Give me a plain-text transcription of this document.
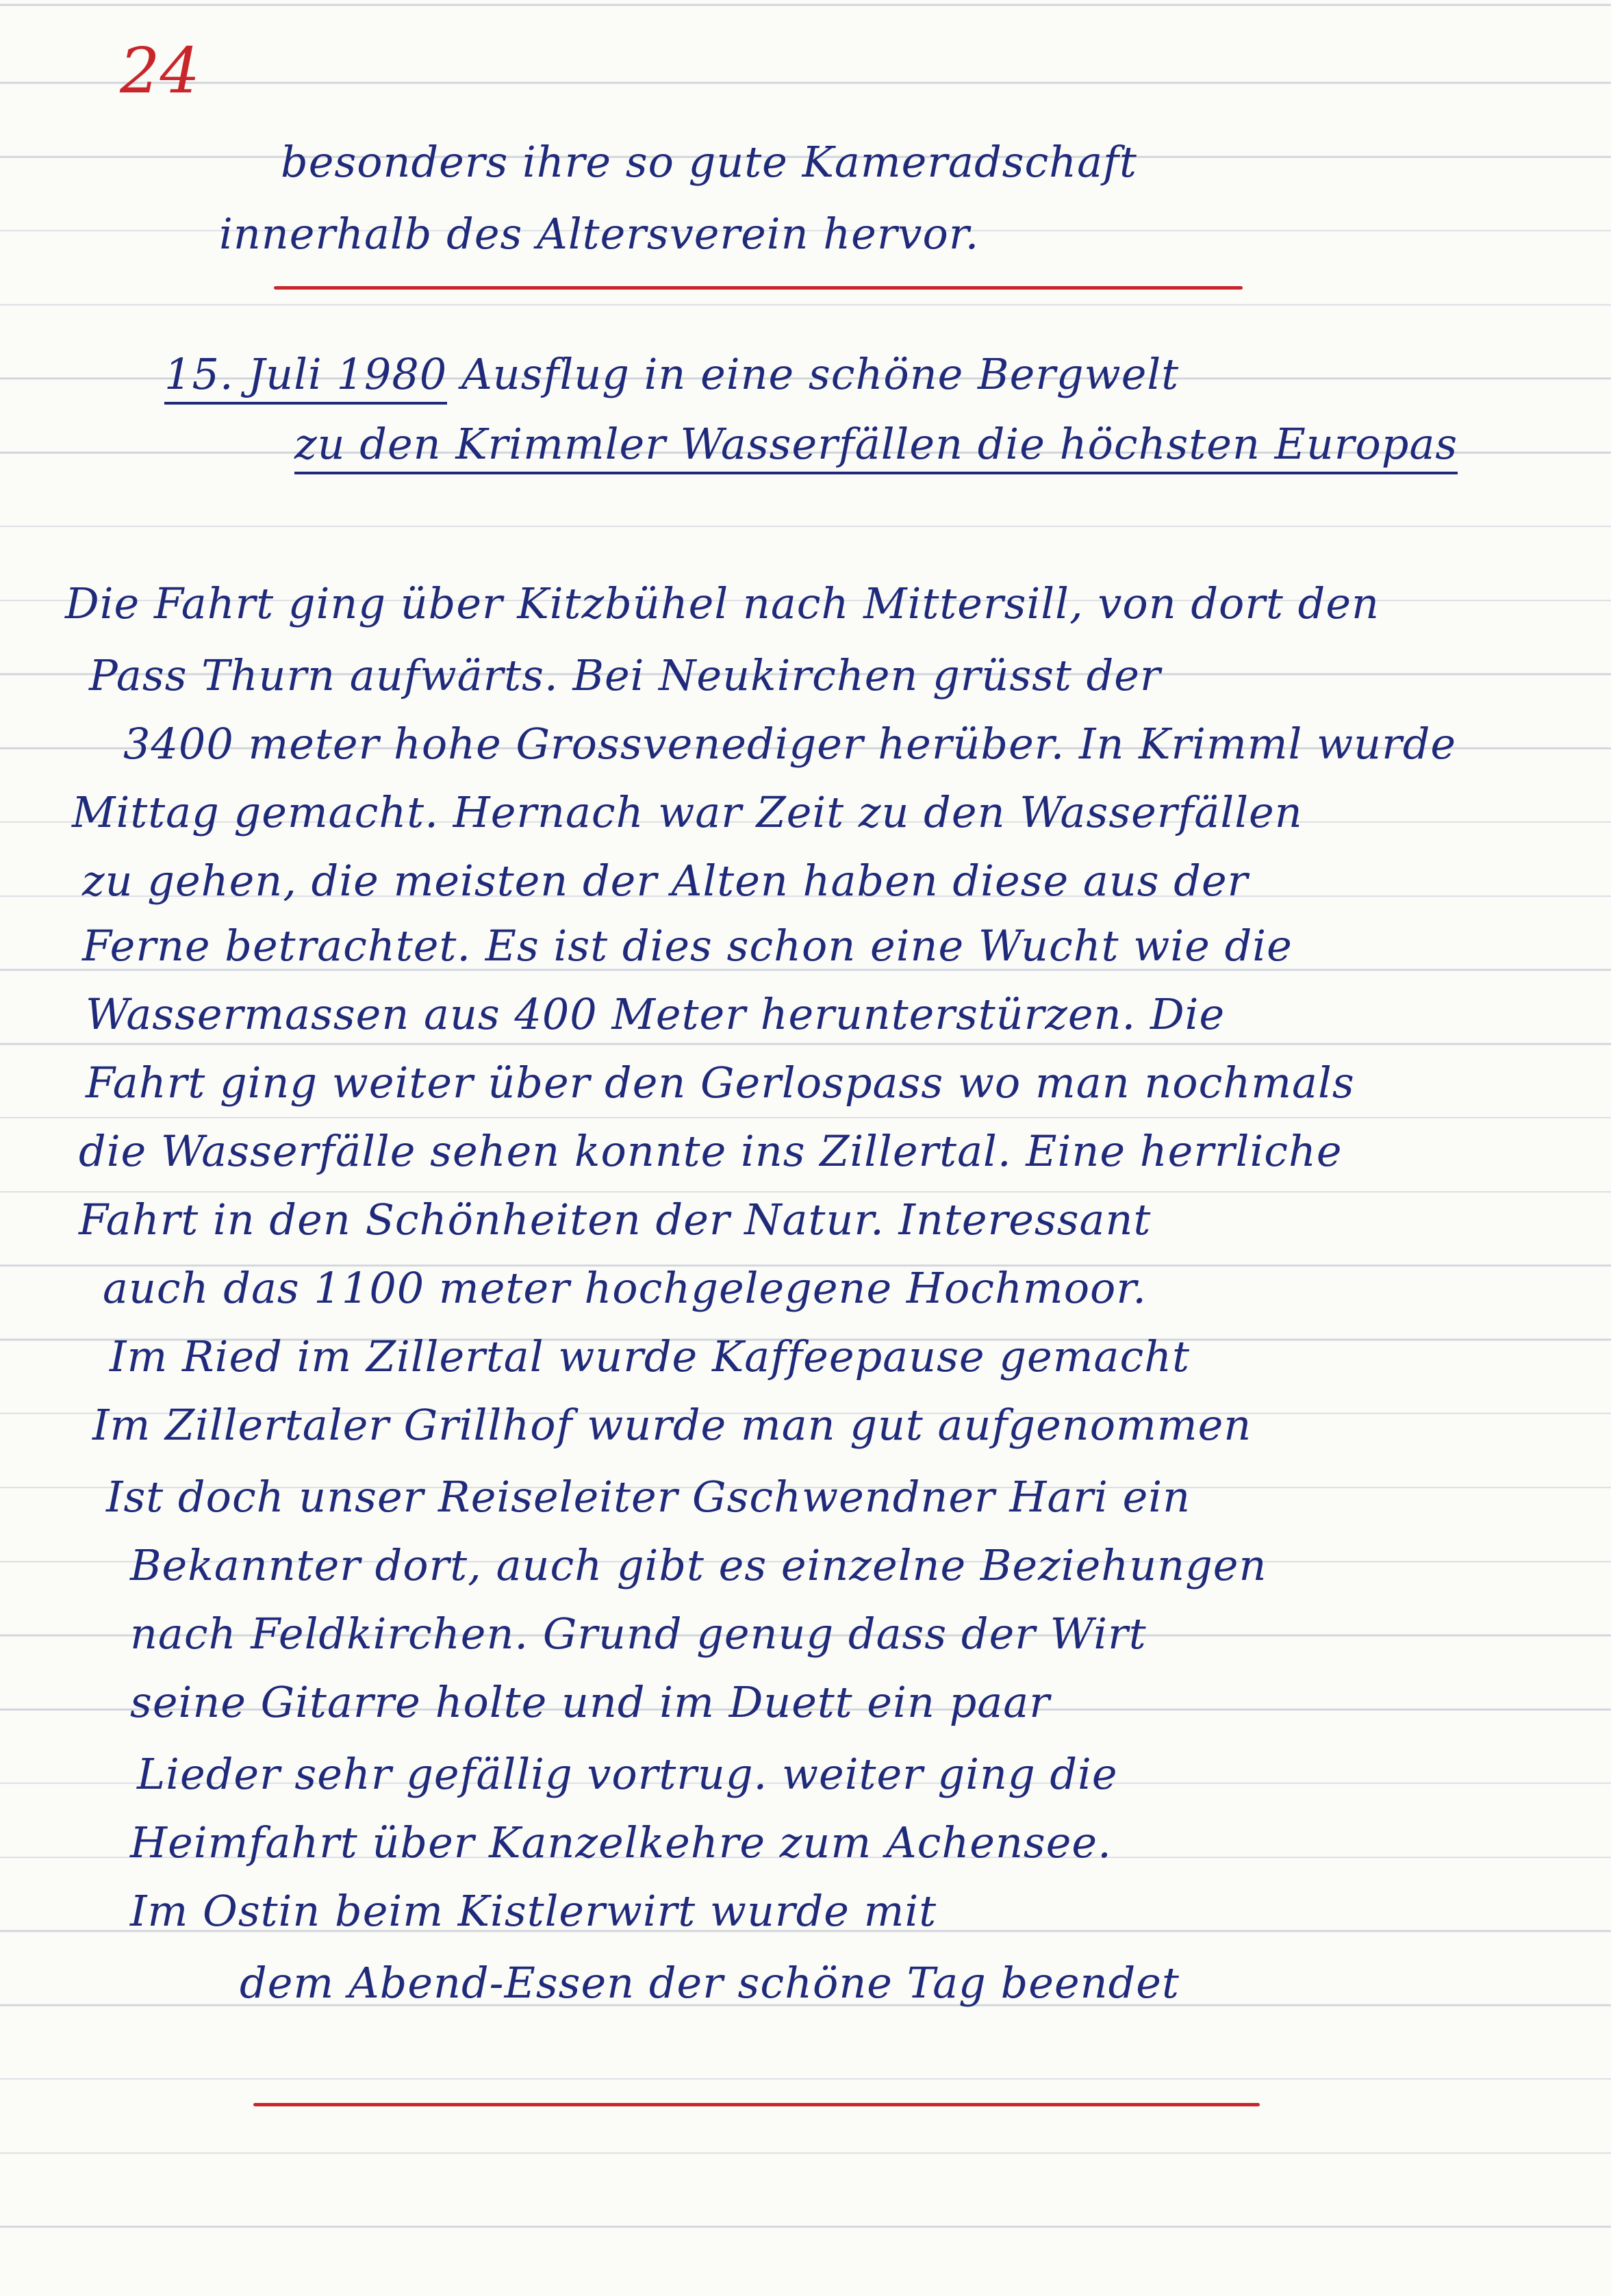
24
besonders ihre so gute Kameradschaft
innerhalb des Altersverein hervor.
15. Juli 1980 Ausflug in eine schöne Bergwelt
zu den Krimmler Wasserfällen die höchsten Europas
Die Fahrt ging über Kitzbühel nach Mittersill, von dort den
Pass Thurn aufwärts. Bei Neukirchen grüsst der
3400 meter hohe Grossvenediger herüber. In Krimml wurde
Mittag gemacht. Hernach war Zeit zu den Wasserfällen
zu gehen, die meisten der Alten haben diese aus der
Ferne betrachtet. Es ist dies schon eine Wucht wie die
Wassermassen aus 400 Meter herunterstürzen. Die
Fahrt ging weiter über den Gerlospass wo man nochmals
die Wasserfälle sehen konnte ins Zillertal. Eine herrliche
Fahrt in den Schönheiten der Natur. Interessant
auch das 1100 meter hochgelegene Hochmoor.
Im Ried im Zillertal wurde Kaffeepause gemacht
Im Zillertaler Grillhof wurde man gut aufgenommen
Ist doch unser Reiseleiter Gschwendner Hari ein
Bekannter dort, auch gibt es einzelne Beziehungen
nach Feldkirchen. Grund genug dass der Wirt
seine Gitarre holte und im Duett ein paar
Lieder sehr gefällig vortrug. weiter ging die
Heimfahrt über Kanzelkehre zum Achensee.
Im Ostin beim Kistlerwirt wurde mit
dem Abend-Essen der schöne Tag beendet
